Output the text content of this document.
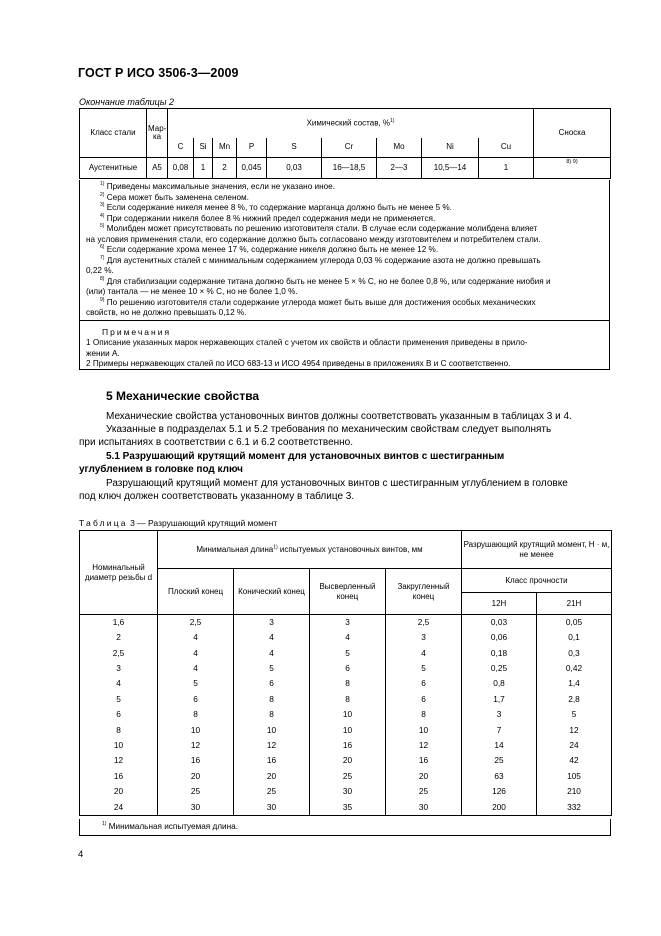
ГОСТ Р ИСО 3506-3—2009
Окончание таблицы 2
Класс стали	Мар-ка	Химический состав, %$^{1)}$									Сноска
		C	Si	Mn	P	S	Cr	Mo	Ni	Cu	
Аустенитные	A5	0,08	1	2	0,045	0,03	16—18,5	2—3	10,5—14	1	8) 9)
$^{1)}$ Приведены максимальные значения, если не указано иное.
$^{2)}$ Сера может быть заменена селеном.
$^{3)}$ Если содержание никеля менее 8 %, то содержание марганца должно быть не менее 5 %.
$^{4)}$ При содержании никеля более 8 % нижний предел содержания меди не применяется.
$^{5)}$ Молибден может присутствовать по решению изготовителя стали. В случае если содержание молибдена влияет
на условия применения стали, его содержание должно быть согласовано между изготовителем и потребителем стали.
$^{6)}$ Если содержание хрома менее 17 %, содержание никеля должно быть не менее 12 %.
$^{7)}$ Для аустенитных сталей с минимальным содержанием углерода 0,03 % содержание азота не должно превышать
0,22 %.
$^{8)}$ Для стабилизации содержание титана должно быть не менее 5 × % C, но не более 0,8 %, или содержание ниобия и
(или) тантала — не менее 10 × % C, но не более 1,0 %.
$^{9)}$ По решению изготовителя стали содержание углерода может быть выше для достижения особых механических
свойств, но не должно превышать 0,12 %.
Примечания
1 Описание указанных марок нержавеющих сталей с учетом их свойств и области применения приведены в прило-
жении А.
2 Примеры нержавеющих сталей по ИСО 683-13 и ИСО 4954 приведены в приложениях В и С соответственно.
5 Механические свойства
Механические свойства установочных винтов должны соответствовать указанным в таблицах 3 и 4.
Указанные в подразделах 5.1 и 5.2 требования по механическим свойствам следует выполнять
при испытаниях в соответствии с 6.1 и 6.2 соответственно.
5.1 Разрушающий крутящий момент для установочных винтов с шестигранным
углублением в головке под ключ
Разрушающий крутящий момент для установочных винтов с шестигранным углублением в головке
под ключ должен соответствовать указанному в таблице 3.
Таблица 3 — Разрушающий крутящий момент
Номинальный диаметр резьбы d	Минимальная длина$^{1)}$ испытуемых установочных винтов, мм				Разрушающий крутящий момент, Н · м, не менее	
	Плоский конец	Конический конец	Высверленный конец	Закругленный конец	Класс прочности	
					12H	21H
1,6	2,5	3	3	2,5	0,03	0,05
2	4	4	4	3	0,06	0,1
2,5	4	4	5	4	0,18	0,3
3	4	5	6	5	0,25	0,42
4	5	6	8	6	0,8	1,4
5	6	8	8	6	1,7	2,8
6	8	8	10	8	3	5
8	10	10	10	10	7	12
10	12	12	16	12	14	24
12	16	16	20	16	25	42
16	20	20	25	20	63	105
20	25	25	30	25	126	210
24	30	30	35	30	200	332
$^{1)}$ Минимальная испытуемая длина.
4
